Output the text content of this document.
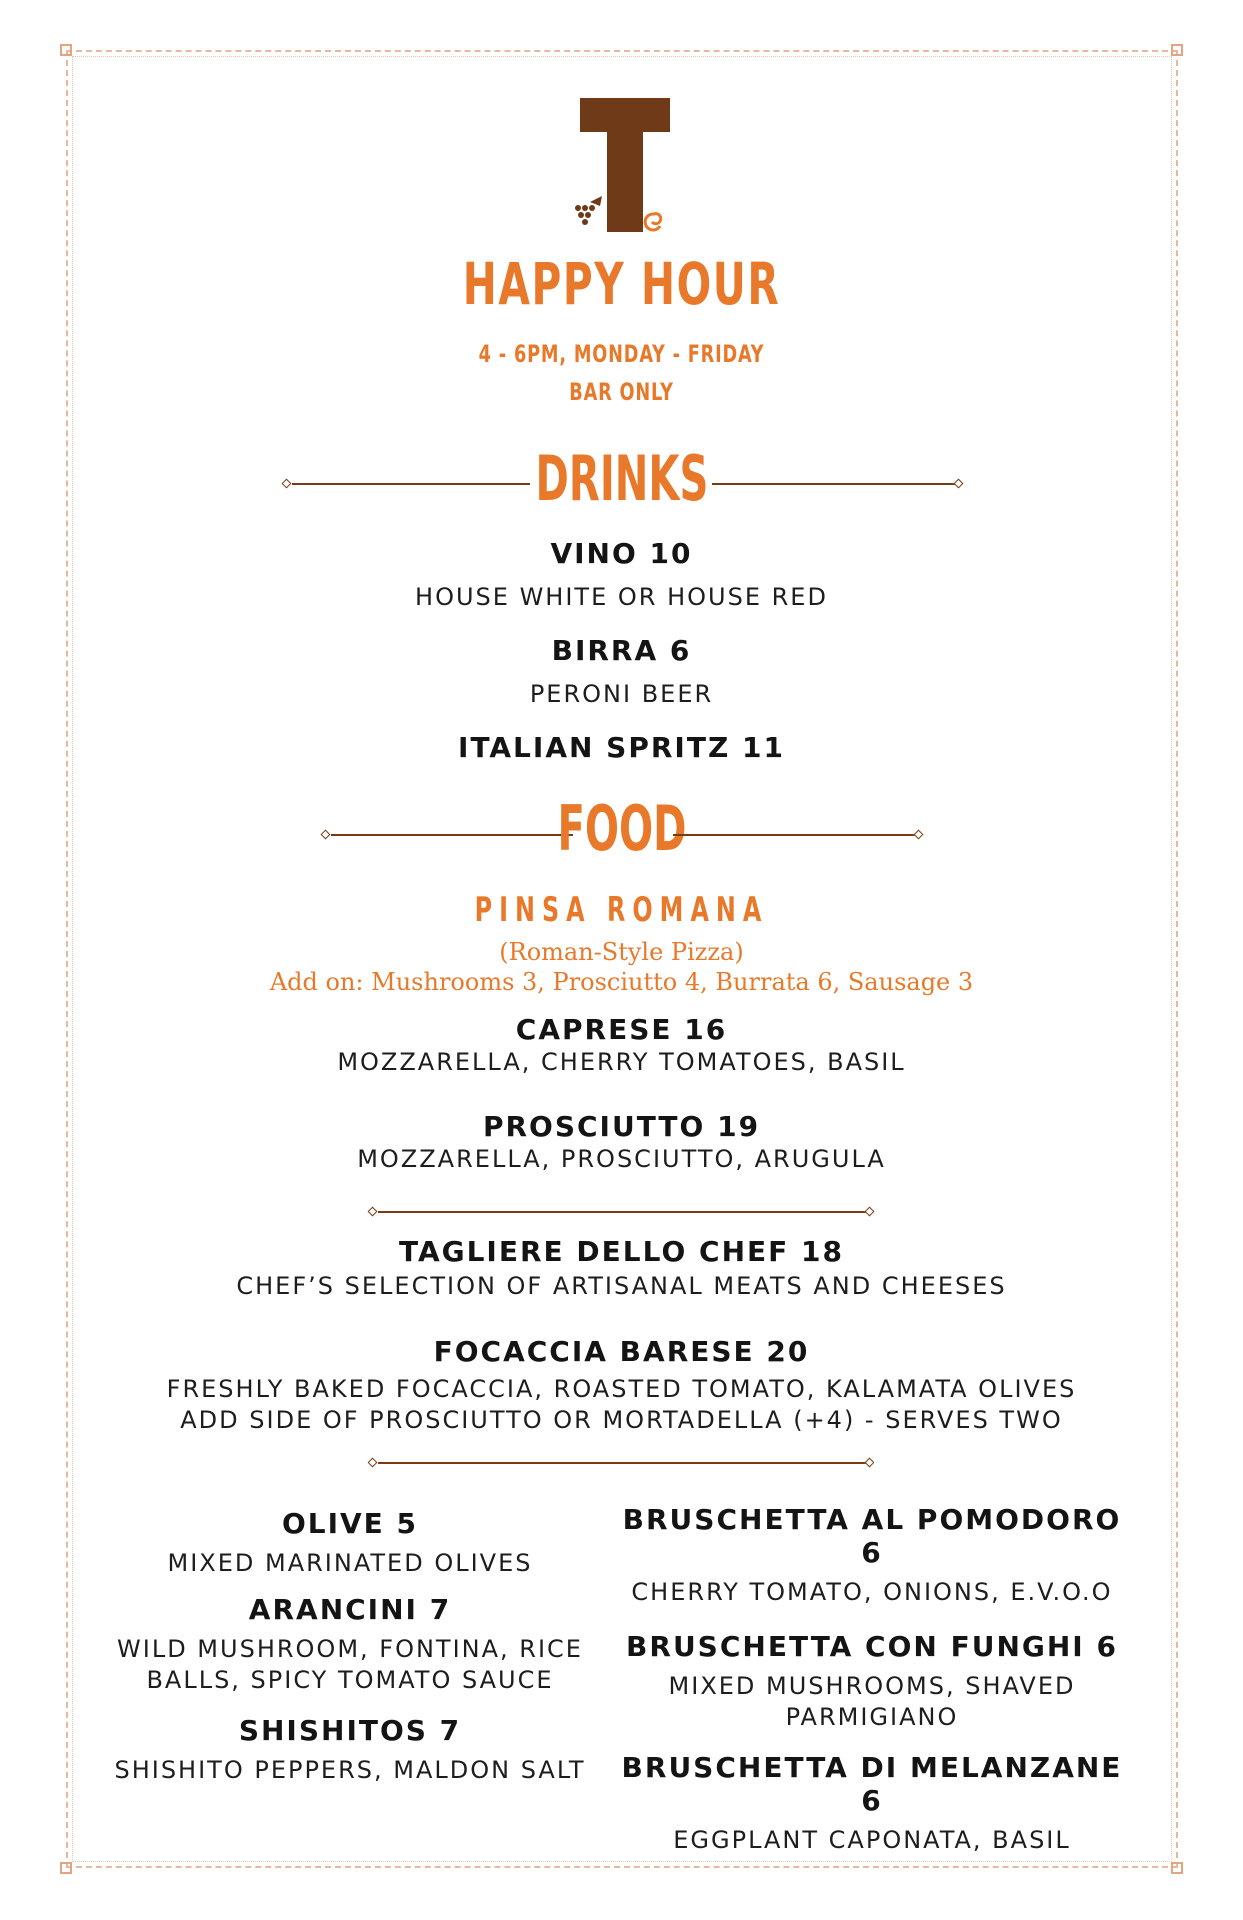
HAPPY HOUR
4 - 6PM, MONDAY - FRIDAY
BAR ONLY
DRINKS
VINO 10
HOUSE WHITE OR HOUSE RED
BIRRA 6
PERONI BEER
ITALIAN SPRITZ 11
FOOD
PINSA ROMANA
(Roman-Style Pizza)
Add on: Mushrooms 3, Prosciutto 4, Burrata 6, Sausage 3
CAPRESE 16
MOZZARELLA, CHERRY TOMATOES, BASIL
PROSCIUTTO 19
MOZZARELLA, PROSCIUTTO, ARUGULA
TAGLIERE DELLO CHEF 18
CHEF’S SELECTION OF ARTISANAL MEATS AND CHEESES
FOCACCIA BARESE 20
FRESHLY BAKED FOCACCIA, ROASTED TOMATO, KALAMATA OLIVES
ADD SIDE OF PROSCIUTTO OR MORTADELLA (+4) - SERVES TWO
OLIVE 5
MIXED MARINATED OLIVES
ARANCINI 7
WILD MUSHROOM, FONTINA, RICE
BALLS, SPICY TOMATO SAUCE
SHISHITOS 7
SHISHITO PEPPERS, MALDON SALT
BRUSCHETTA AL POMODORO 6
CHERRY TOMATO, ONIONS, E.V.O.O
BRUSCHETTA CON FUNGHI 6
MIXED MUSHROOMS, SHAVED
PARMIGIANO
BRUSCHETTA DI MELANZANE 6
EGGPLANT CAPONATA, BASIL
